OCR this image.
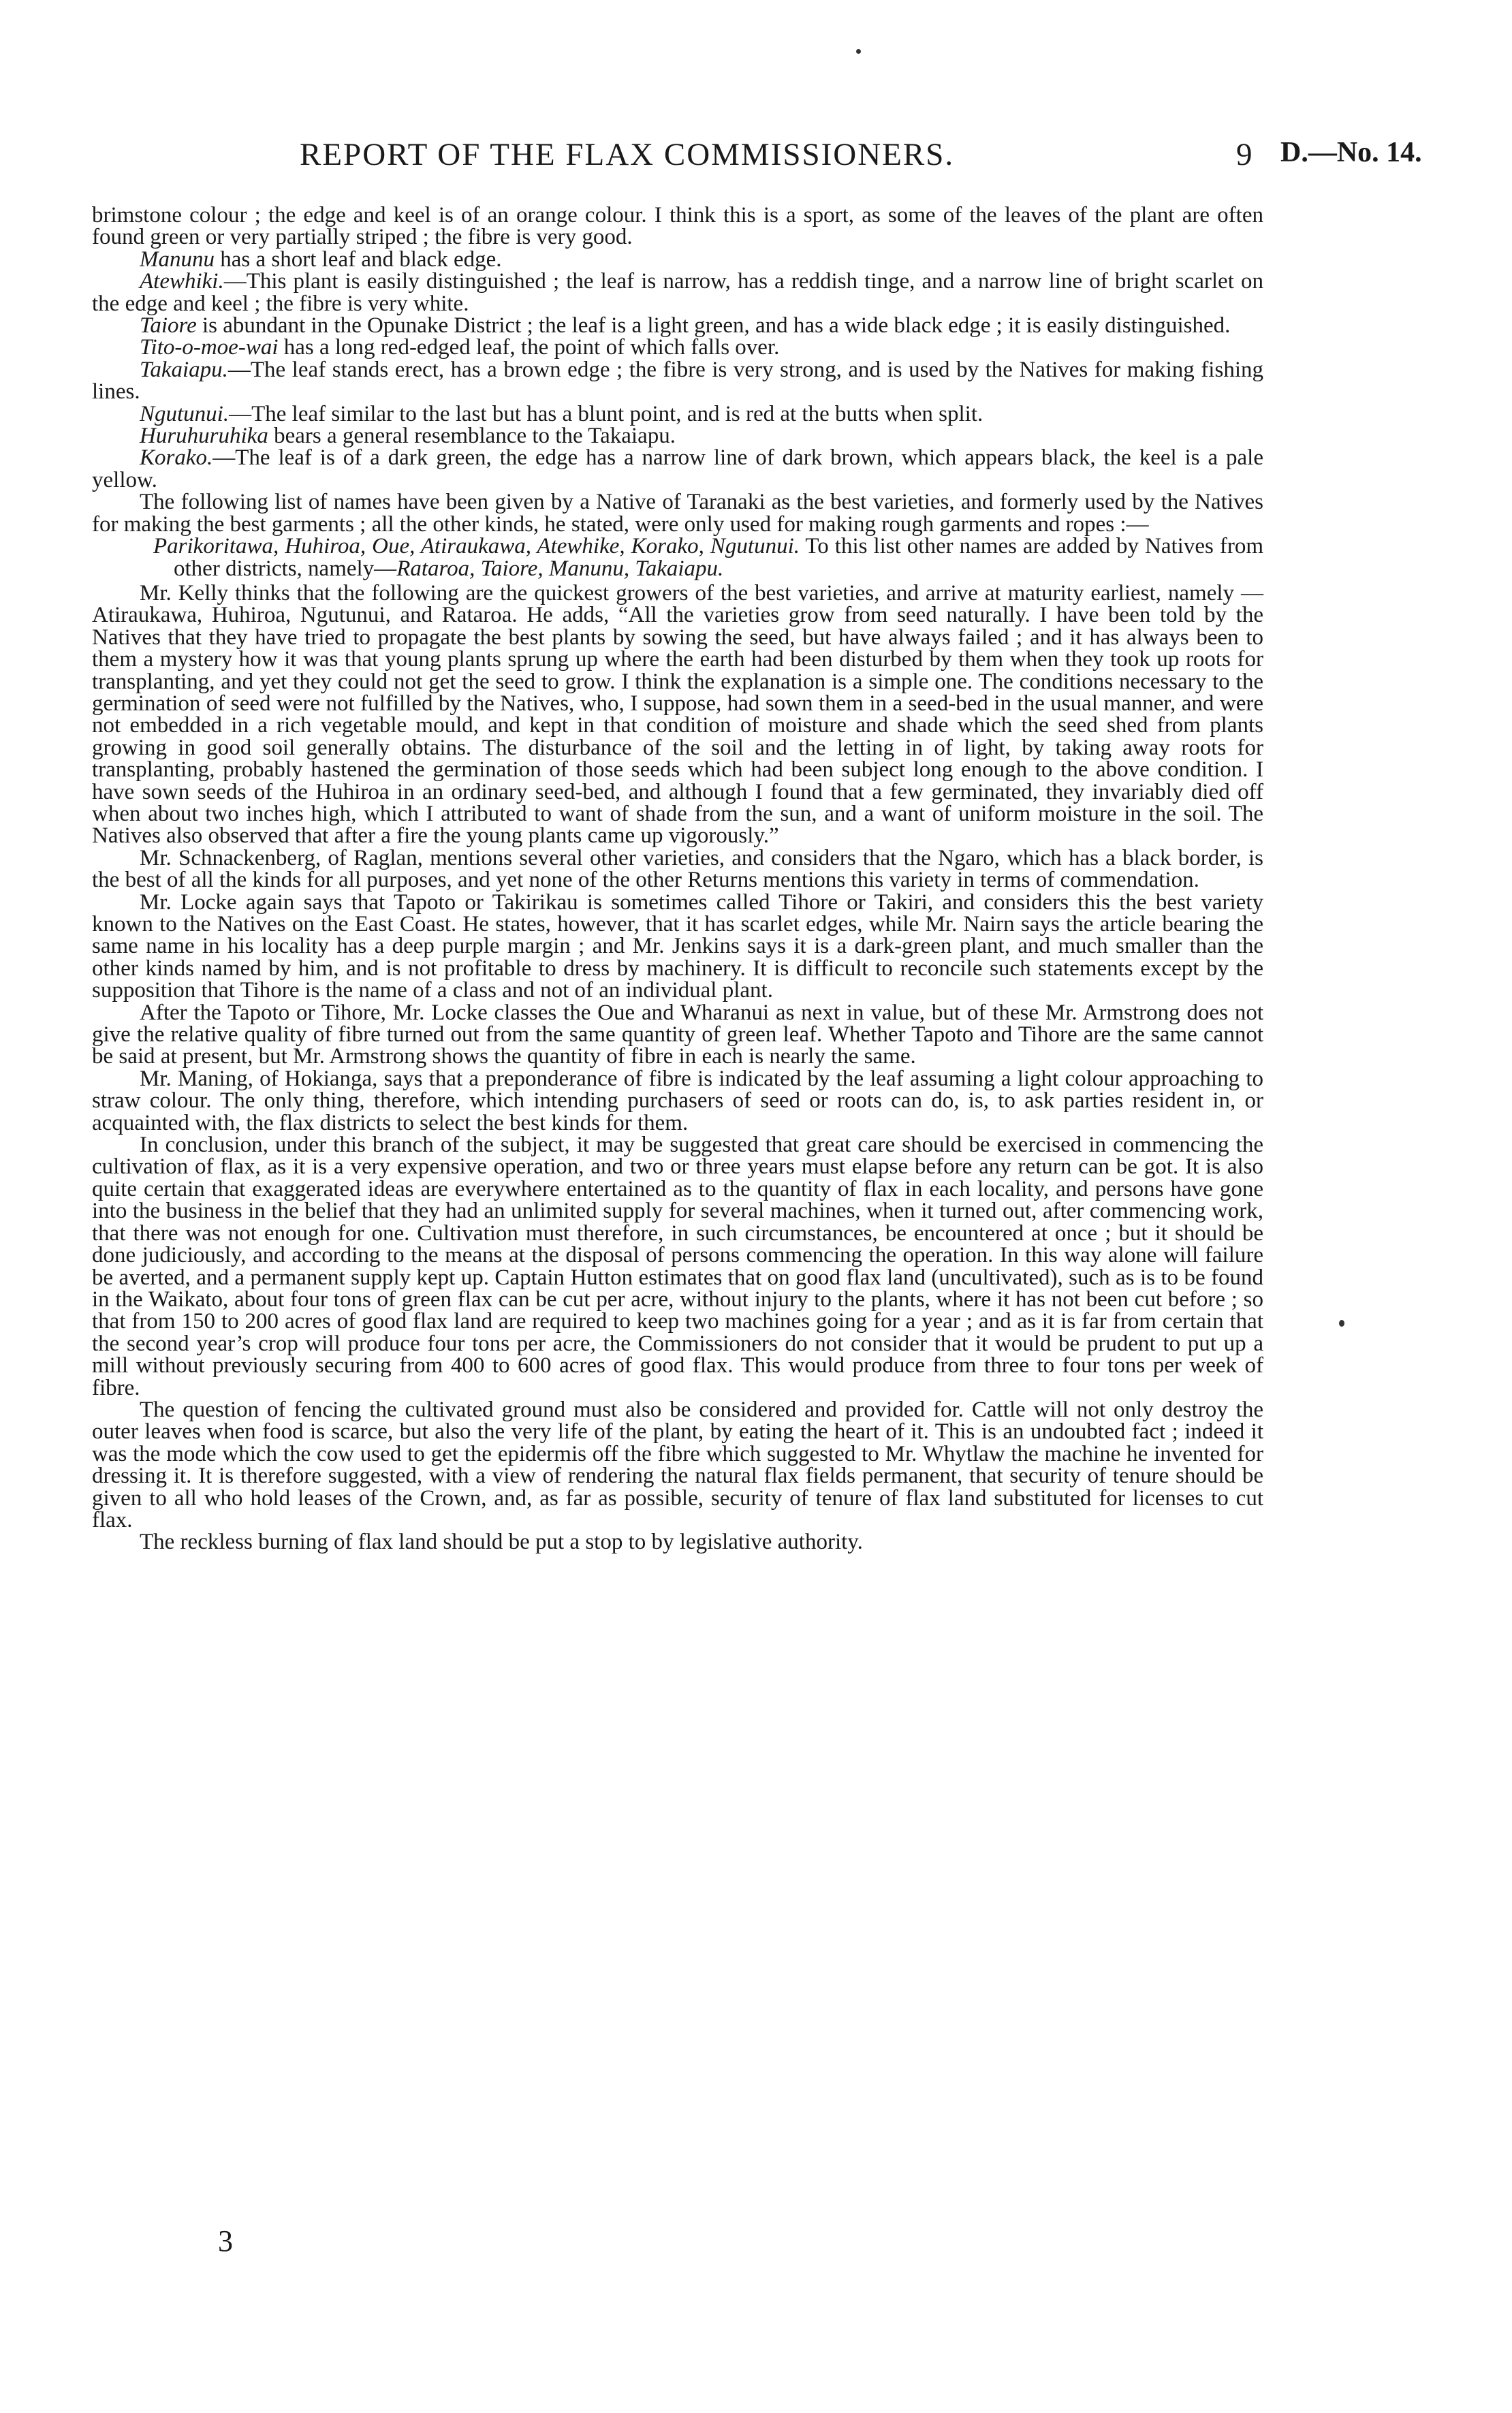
REPORT OF THE FLAX COMMISSIONERS.	9 D.—No. 14.

brimstone colour ; the edge and keel is of an orange colour. I think this is a sport, as some of the leaves of the plant are often found green or very partially striped ; the fibre is very good.

Manunu has a short leaf and black edge.

Atewhiki.—This plant is easily distinguished ; the leaf is narrow, has a reddish tinge, and a narrow line of bright scarlet on the edge and keel ; the fibre is very white.

Taiore is abundant in the Opunake District ; the leaf is a light green, and has a wide black edge ; it is easily distinguished.

Tito-o-moe-wai has a long red-edged leaf, the point of which falls over.

Takaiapu.—The leaf stands erect, has a brown edge ; the fibre is very strong, and is used by the Natives for making fishing lines.

Ngutunui.—The leaf similar to the last but has a blunt point, and is red at the butts when split.

Huruhuruhika bears a general resemblance to the Takaiapu.

Korako.—The leaf is of a dark green, the edge has a narrow line of dark brown, which appears black, the keel is a pale yellow.

The following list of names have been given by a Native of Taranaki as the best varieties, and formerly used by the Natives for making the best garments ; all the other kinds, he stated, were only used for making rough garments and ropes :—

Parikoritawa, Huhiroa, Oue, Atiraukawa, Atewhike, Korako, Ngutunui. To this list other names are added by Natives from other districts, namely—Rataroa, Taiore, Manunu, Takaiapu.

Mr. Kelly thinks that the following are the quickest growers of the best varieties, and arrive at maturity earliest, namely — Atiraukawa, Huhiroa, Ngutunui, and Rataroa. He adds, “All the varieties grow from seed naturally. I have been told by the Natives that they have tried to propagate the best plants by sowing the seed, but have always failed ; and it has always been to them a mystery how it was that young plants sprung up where the earth had been disturbed by them when they took up roots for transplanting, and yet they could not get the seed to grow. I think the explanation is a simple one. The conditions necessary to the germination of seed were not fulfilled by the Natives, who, I suppose, had sown them in a seed-bed in the usual manner, and were not embedded in a rich vegetable mould, and kept in that condition of moisture and shade which the seed shed from plants growing in good soil generally obtains. The disturbance of the soil and the letting in of light, by taking away roots for transplanting, probably hastened the germination of those seeds which had been subject long enough to the above condition. I have sown seeds of the Huhiroa in an ordinary seed-bed, and although I found that a few germinated, they invariably died off when about two inches high, which I attributed to want of shade from the sun, and a want of uniform moisture in the soil. The Natives also observed that after a fire the young plants came up vigorously.”

Mr. Schnackenberg, of Raglan, mentions several other varieties, and considers that the Ngaro, which has a black border, is the best of all the kinds for all purposes, and yet none of the other Returns mentions this variety in terms of commendation.

Mr. Locke again says that Tapoto or Takirikau is sometimes called Tihore or Takiri, and considers this the best variety known to the Natives on the East Coast. He states, however, that it has scarlet edges, while Mr. Nairn says the article bearing the same name in his locality has a deep purple margin ; and Mr. Jenkins says it is a dark-green plant, and much smaller than the other kinds named by him, and is not profitable to dress by machinery. It is difficult to reconcile such statements except by the supposition that Tihore is the name of a class and not of an individual plant.

After the Tapoto or Tihore, Mr. Locke classes the Oue and Wharanui as next in value, but of these Mr. Armstrong does not give the relative quality of fibre turned out from the same quantity of green leaf. Whether Tapoto and Tihore are the same cannot be said at present, but Mr. Armstrong shows the quantity of fibre in each is nearly the same.

Mr. Maning, of Hokianga, says that a preponderance of fibre is indicated by the leaf assuming a light colour approaching to straw colour. The only thing, therefore, which intending purchasers of seed or roots can do, is, to ask parties resident in, or acquainted with, the flax districts to select the best kinds for them.

In conclusion, under this branch of the subject, it may be suggested that great care should be exercised in commencing the cultivation of flax, as it is a very expensive operation, and two or three years must elapse before any return can be got. It is also quite certain that exaggerated ideas are everywhere entertained as to the quantity of flax in each locality, and persons have gone into the business in the belief that they had an unlimited supply for several machines, when it turned out, after commencing work, that there was not enough for one. Cultivation must therefore, in such circumstances, be encountered at once ; but it should be done judiciously, and according to the means at the disposal of persons commencing the operation. In this way alone will failure be averted, and a permanent supply kept up. Captain Hutton estimates that on good flax land (uncultivated), such as is to be found in the Waikato, about four tons of green flax can be cut per acre, without injury to the plants, where it has not been cut before ; so that from 150 to 200 acres of good flax land are required to keep two machines going for a year ; and as it is far from certain that the second year’s crop will produce four tons per acre, the Commissioners do not consider that it would be prudent to put up a mill without previously securing from 400 to 600 acres of good flax. This would produce from three to four tons per week of fibre.

The question of fencing the cultivated ground must also be considered and provided for. Cattle will not only destroy the outer leaves when food is scarce, but also the very life of the plant, by eating the heart of it. This is an undoubted fact ; indeed it was the mode which the cow used to get the epidermis off the fibre which suggested to Mr. Whytlaw the machine he invented for dressing it. It is therefore suggested, with a view of rendering the natural flax fields permanent, that security of tenure should be given to all who hold leases of the Crown, and, as far as possible, security of tenure of flax land substituted for licenses to cut flax.

The reckless burning of flax land should be put a stop to by legislative authority.

3
